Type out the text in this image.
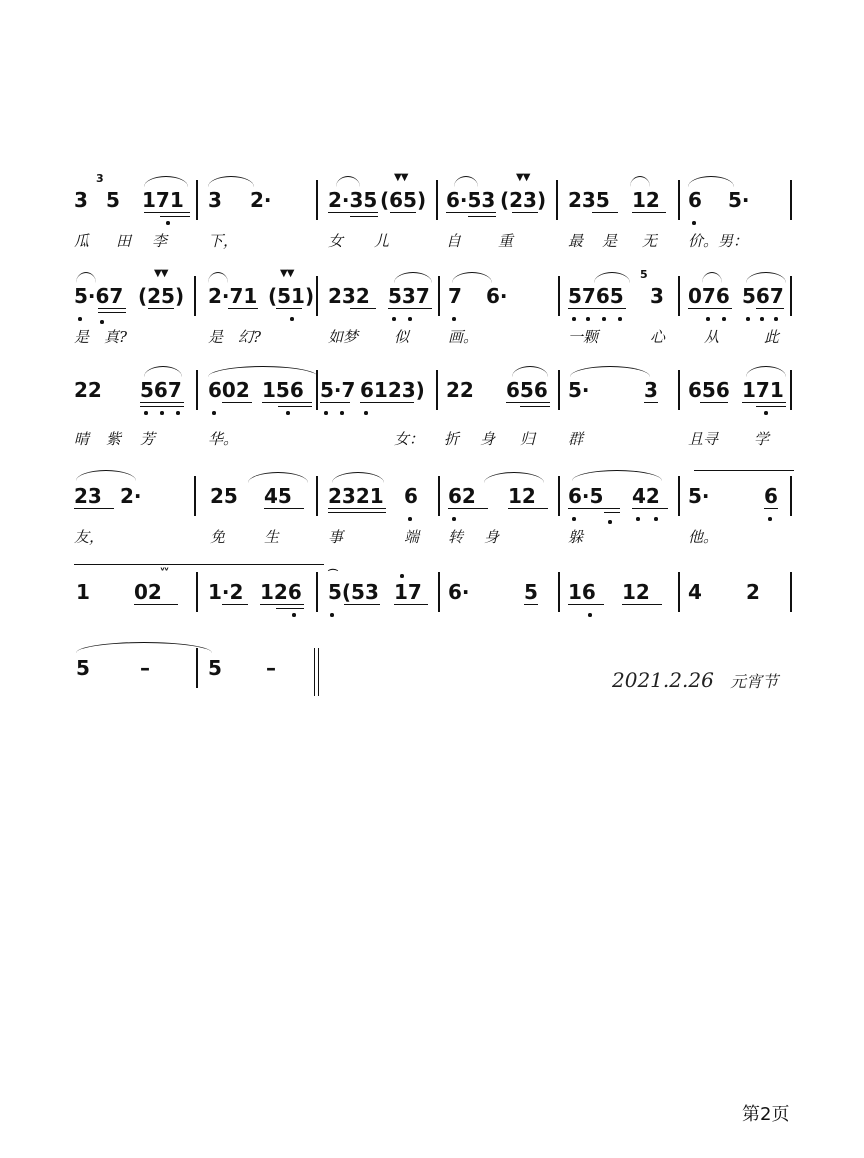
3
3
5 171 3 2·	2·35
▼▼
(65) 6·53
▼▼
(23) 235 12 6 5·
瓜 田 李	下，	女 儿	自 重	最 是 无 价。男：
5·67
▼▼
(25) 2·71
▼▼
(51) 232 537 7 6·	5765
5
3 076 567
是 真?	是 幻?	如梦 似	画。	一颗	心	从	此
22 567 602 156 5·7 6123) 22 656 5·	3 656 171
晴 紫 芳	华。	女： 折 身 归 群	且寻 学
23 2·	25 45 2321 6 62 12 6·5 42 5·	6
友，	免	生	事	端 转 身	躲	他。
1
ᵛᵛ
02 1·2 126
⌒
5(53 17 6·	5 16 12 4 2
5	–	5 –	2021.2.26 元宵节
第2页
